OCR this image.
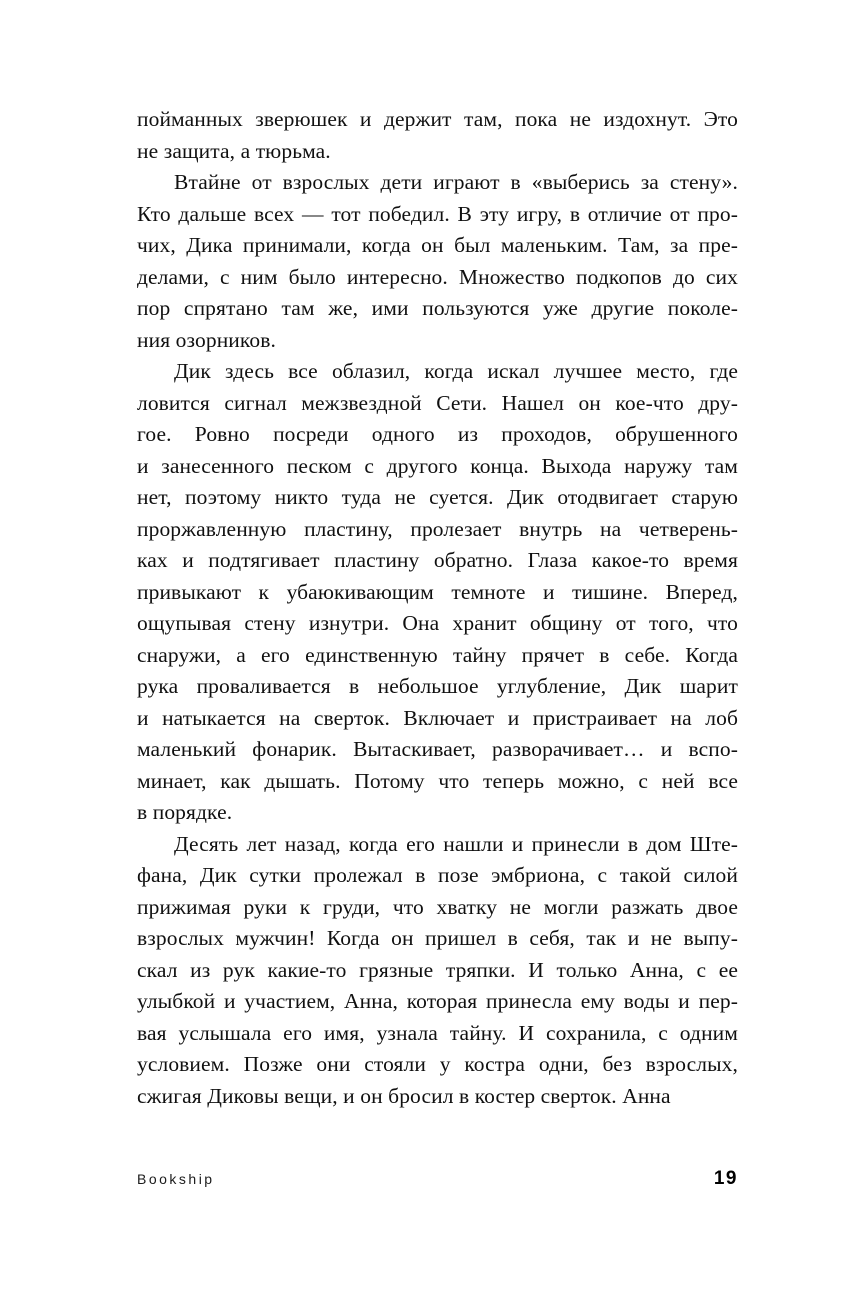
пойманных зверюшек и держит там, пока не издохнут. Это
не защита, а тюрьма.
Втайне от взрослых дети играют в «выберись за стену».
Кто дальше всех — тот победил. В эту игру, в отличие от про-
чих, Дика принимали, когда он был маленьким. Там, за пре-
делами, с ним было интересно. Множество подкопов до сих
пор спрятано там же, ими пользуются уже другие поколе-
ния озорников.
Дик здесь все облазил, когда искал лучшее место, где
ловится сигнал межзвездной Сети. Нашел он кое-что дру-
гое. Ровно посреди одного из проходов, обрушенного
и занесенного песком с другого конца. Выхода наружу там
нет, поэтому никто туда не суется. Дик отодвигает старую
проржавленную пластину, пролезает внутрь на четверень-
ках и подтягивает пластину обратно. Глаза какое-то время
привыкают к убаюкивающим темноте и тишине. Вперед,
ощупывая стену изнутри. Она хранит общину от того, что
снаружи, а его единственную тайну прячет в себе. Когда
рука проваливается в небольшое углубление, Дик шарит
и натыкается на сверток. Включает и пристраивает на лоб
маленький фонарик. Вытаскивает, разворачивает… и вспо-
минает, как дышать. Потому что теперь можно, с ней все
в порядке.
Десять лет назад, когда его нашли и принесли в дом Ште-
фана, Дик сутки пролежал в позе эмбриона, с такой силой
прижимая руки к груди, что хватку не могли разжать двое
взрослых мужчин! Когда он пришел в себя, так и не выпу-
скал из рук какие-то грязные тряпки. И только Анна, с ее
улыбкой и участием, Анна, которая принесла ему воды и пер-
вая услышала его имя, узнала тайну. И сохранила, с одним
условием. Позже они стояли у костра одни, без взрослых,
сжигая Диковы вещи, и он бросил в костер сверток. Анна
Bookship	19
